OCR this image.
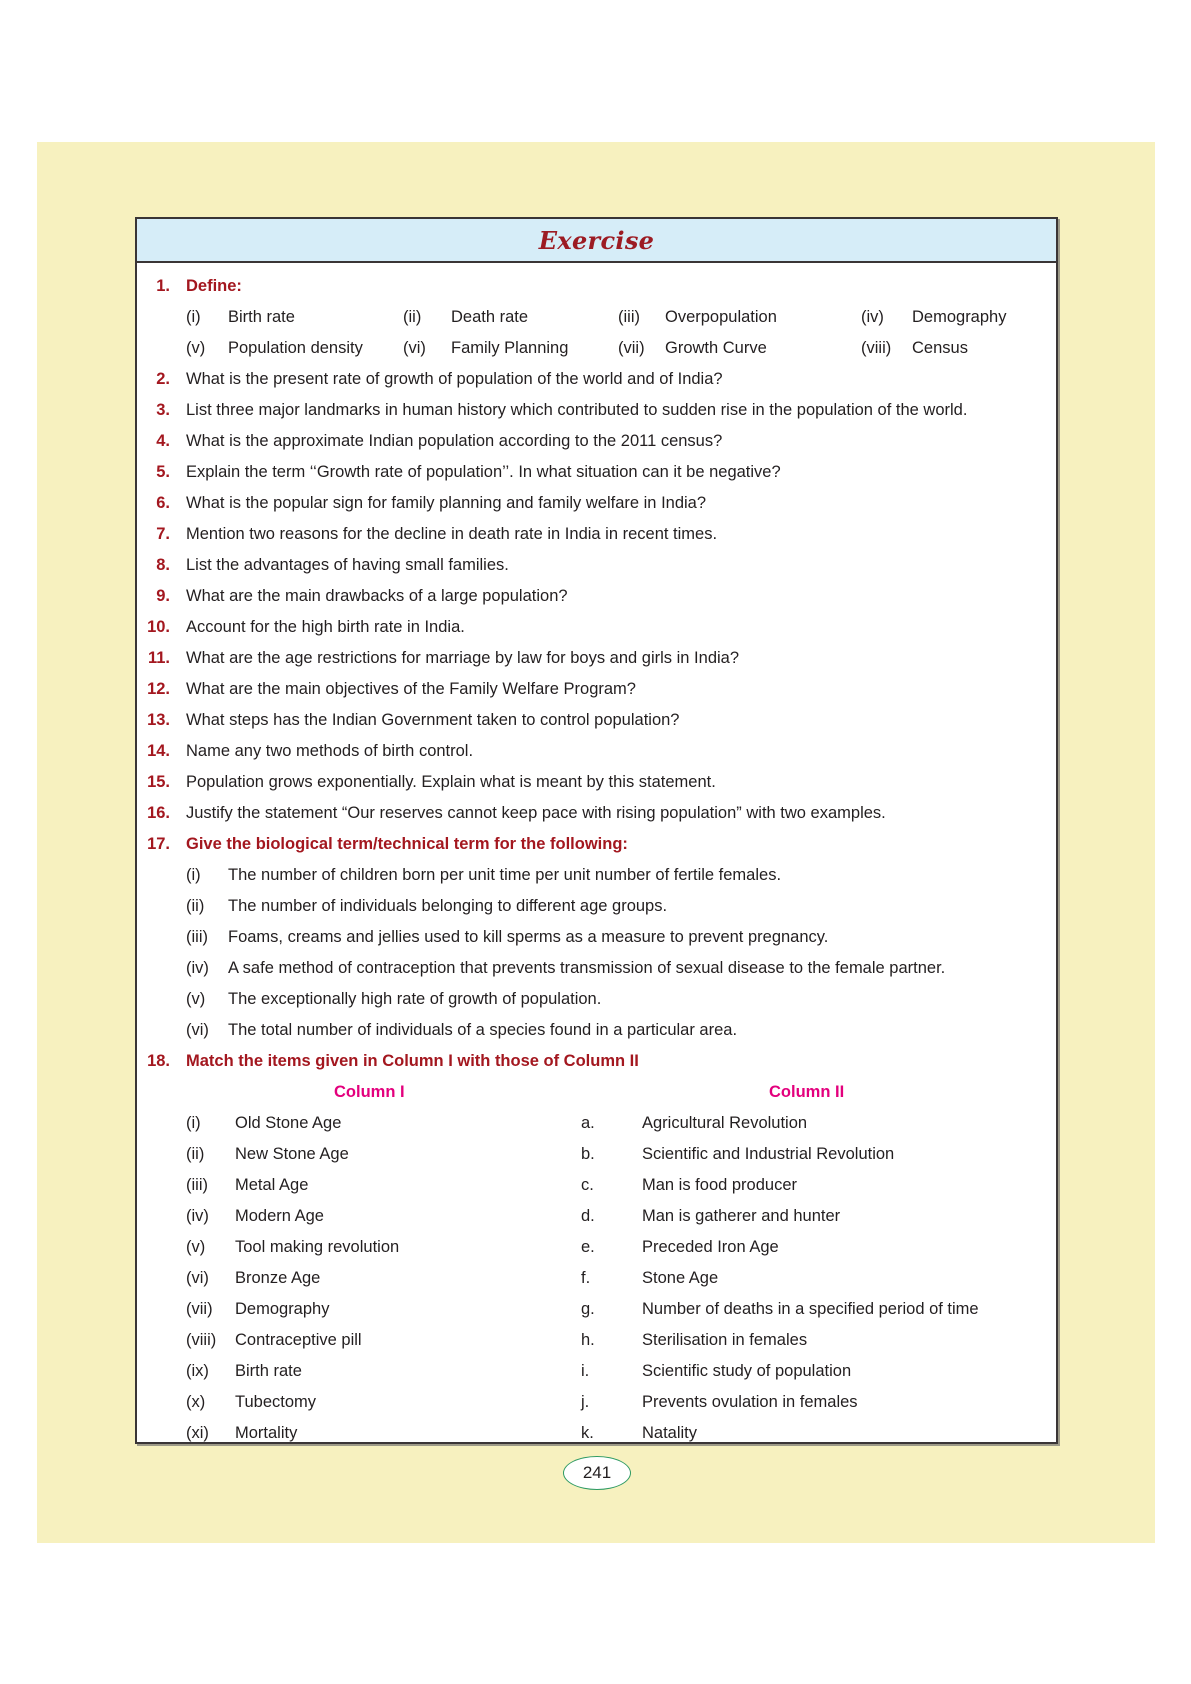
Exercise
1. Define:
(i) Birth rate	(ii) Death rate	(iii) Overpopulation	(iv) Demography
(v) Population density (vi) Family Planning	(vii) Growth Curve	(viii) Census
2. What is the present rate of growth of population of the world and of India?
3. List three major landmarks in human history which contributed to sudden rise in the population of the world.
4. What is the approximate Indian population according to the 2011 census?
5. Explain the term ‘‘Growth rate of population’’. In what situation can it be negative?
6. What is the popular sign for family planning and family welfare in India?
7. Mention two reasons for the decline in death rate in India in recent times.
8. List the advantages of having small families.
9. What are the main drawbacks of a large population?
10. Account for the high birth rate in India.
11. What are the age restrictions for marriage by law for boys and girls in India?
12. What are the main objectives of the Family Welfare Program?
13. What steps has the Indian Government taken to control population?
14. Name any two methods of birth control.
15. Population grows exponentially. Explain what is meant by this statement.
16. Justify the statement “Our reserves cannot keep pace with rising population” with two examples.
17. Give the biological term/technical term for the following:
(i) The number of children born per unit time per unit number of fertile females.
(ii) The number of individuals belonging to different age groups.
(iii) Foams, creams and jellies used to kill sperms as a measure to prevent pregnancy.
(iv) A safe method of contraception that prevents transmission of sexual disease to the female partner.
(v) The exceptionally high rate of growth of population.
(vi) The total number of individuals of a species found in a particular area.
18. Match the items given in Column I with those of Column II
Column I	Column II
(i) Old Stone Age	a.	Agricultural Revolution
(ii) New Stone Age	b.	Scientific and Industrial Revolution
(iii) Metal Age	c.	Man is food producer
(iv) Modern Age	d.	Man is gatherer and hunter
(v) Tool making revolution	e.	Preceded Iron Age
(vi) Bronze Age	f.	Stone Age
(vii) Demography	g.	Number of deaths in a specified period of time
(viii) Contraceptive pill	h.	Sterilisation in females
(ix) Birth rate	i.	Scientific study of population
(x) Tubectomy	j.	Prevents ovulation in females
(xi) Mortality	k.	Natality
241
